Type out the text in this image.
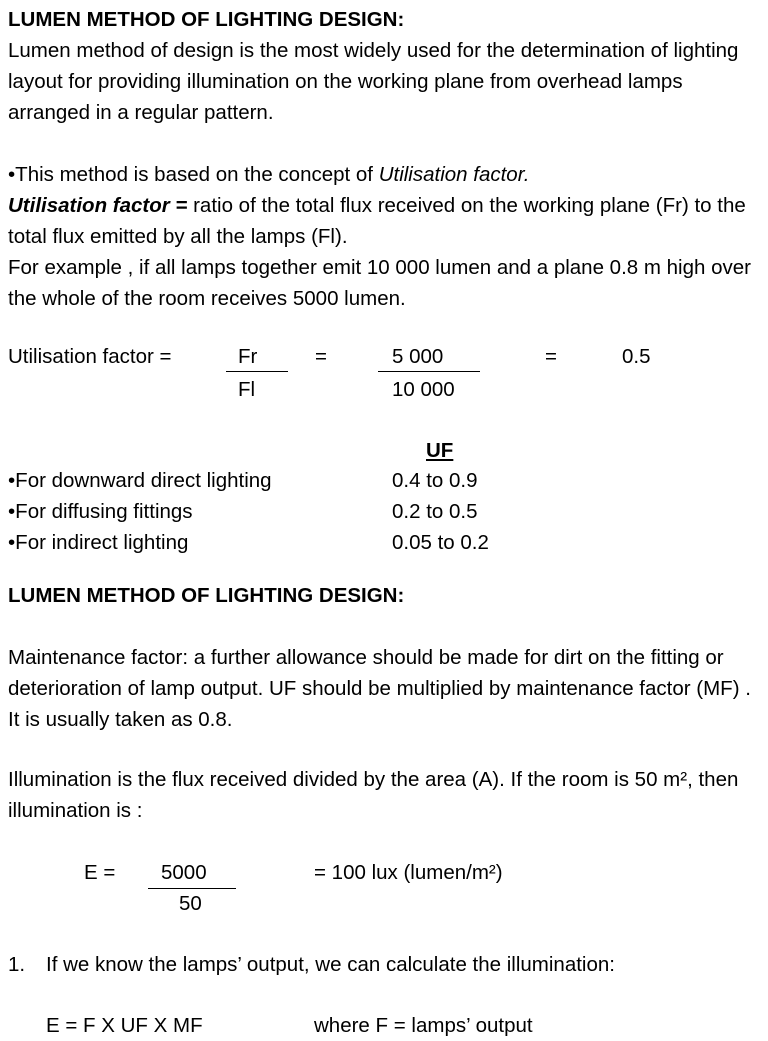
LUMEN METHOD OF LIGHTING DESIGN:

Lumen method of design is the most widely used for the determination of lighting layout for providing illumination on the working plane from overhead lamps arranged in a regular pattern.

•This method is based on the concept of Utilisation factor.

Utilisation factor = ratio of the total flux received on the working plane (Fr) to the total flux emitted by all the lamps (Fl).

For example , if all lamps together emit 10 000 lumen and a plane 0.8 m high over the whole of the room receives 5000 lumen.

Utilisation factor =	Fr
Fl
=	5 000
10 000
=	0.5
UF
•For downward direct lighting	0.4 to 0.9
•For diffusing fittings	0.2 to 0.5
•For indirect lighting	0.05 to 0.2
LUMEN METHOD OF LIGHTING DESIGN:

Maintenance factor: a further allowance should be made for dirt on the fitting or deterioration of lamp output. UF should be multiplied by maintenance factor (MF) . It is usually taken as 0.8.

Illumination is the flux received divided by the area (A). If the room is 50 m², then illumination is :

E = 5000
50
= 100 lux (lumen/m²)
1. If we know the lamps’ output, we can calculate the illumination:
E = F X UF X MF	where F = lamps’ output
